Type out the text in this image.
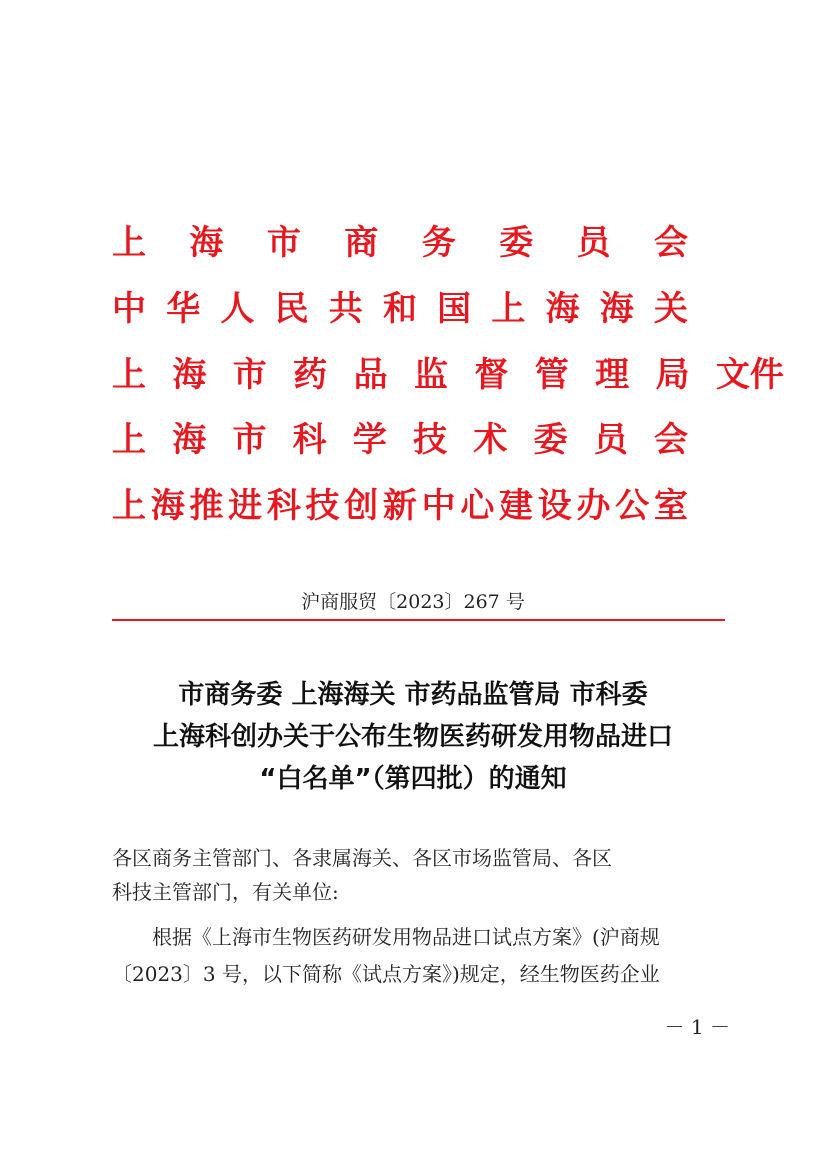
上 海 市 商 务 委 员 会
中 华 人 民 共 和 国 上 海 海 关
上 海 市 药 品 监 督 管 理 局 文件
上 海 市 科 学 技 术 委 员 会
上 海 推 进 科 技 创 新 中 心 建 设 办 公 室
沪商服贸〔2023〕267 号
市商务委 上海海关 市药品监管局 市科委
上海科创办关于公布生物医药研发用物品进口
“白名单”（第四批）的通知
各区商务主管部门、各隶属海关、各区市场监管局、各区
科技主管部门，有关单位:
　　根据《上海市生物医药研发用物品进口试点方案》(沪商规
〔2023〕3 号，以下简称《试点方案》)规定，经生物医药企业
－ 1 －
